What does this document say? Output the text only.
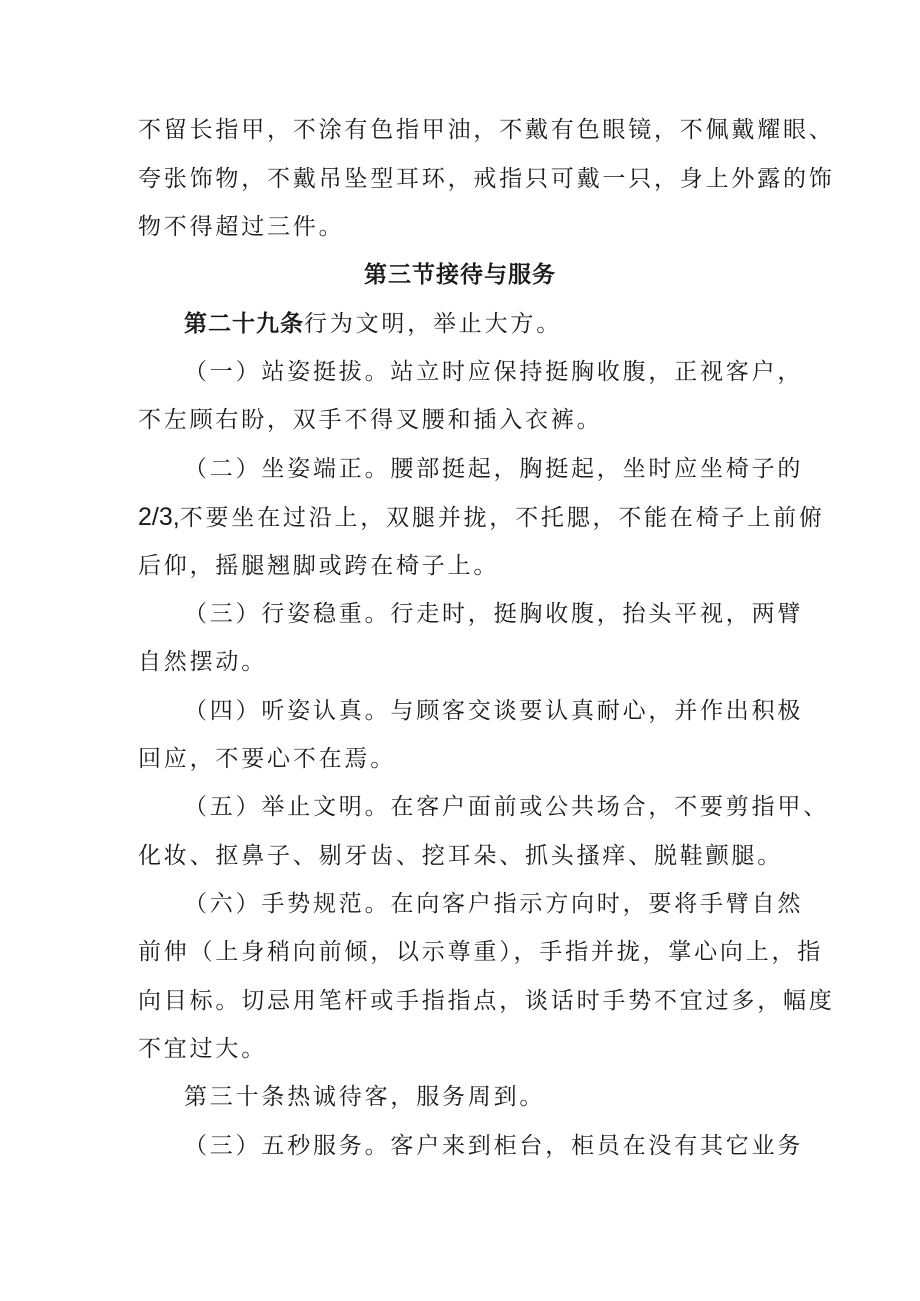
不留长指甲，不涂有色指甲油，不戴有色眼镜，不佩戴耀眼、
夸张饰物，不戴吊坠型耳环，戒指只可戴一只，身上外露的饰
物不得超过三件。
第三节接待与服务
第二十九条行为文明，举止大方。
（一）站姿挺拔。站立时应保持挺胸收腹，正视客户，
不左顾右盼，双手不得叉腰和插入衣裤。
（二）坐姿端正。腰部挺起，胸挺起，坐时应坐椅子的
2/3,不要坐在过沿上，双腿并拢，不托腮，不能在椅子上前俯
后仰，摇腿翘脚或跨在椅子上。
（三）行姿稳重。行走时，挺胸收腹，抬头平视，两臂
自然摆动。
（四）听姿认真。与顾客交谈要认真耐心，并作出积极
回应，不要心不在焉。
（五）举止文明。在客户面前或公共场合，不要剪指甲、
化妆、抠鼻子、剔牙齿、挖耳朵、抓头搔痒、脱鞋颤腿。
（六）手势规范。在向客户指示方向时，要将手臂自然
前伸（上身稍向前倾，以示尊重），手指并拢，掌心向上，指
向目标。切忌用笔杆或手指指点，谈话时手势不宜过多，幅度
不宜过大。
第三十条热诚待客，服务周到。
（三）五秒服务。客户来到柜台，柜员在没有其它业务
